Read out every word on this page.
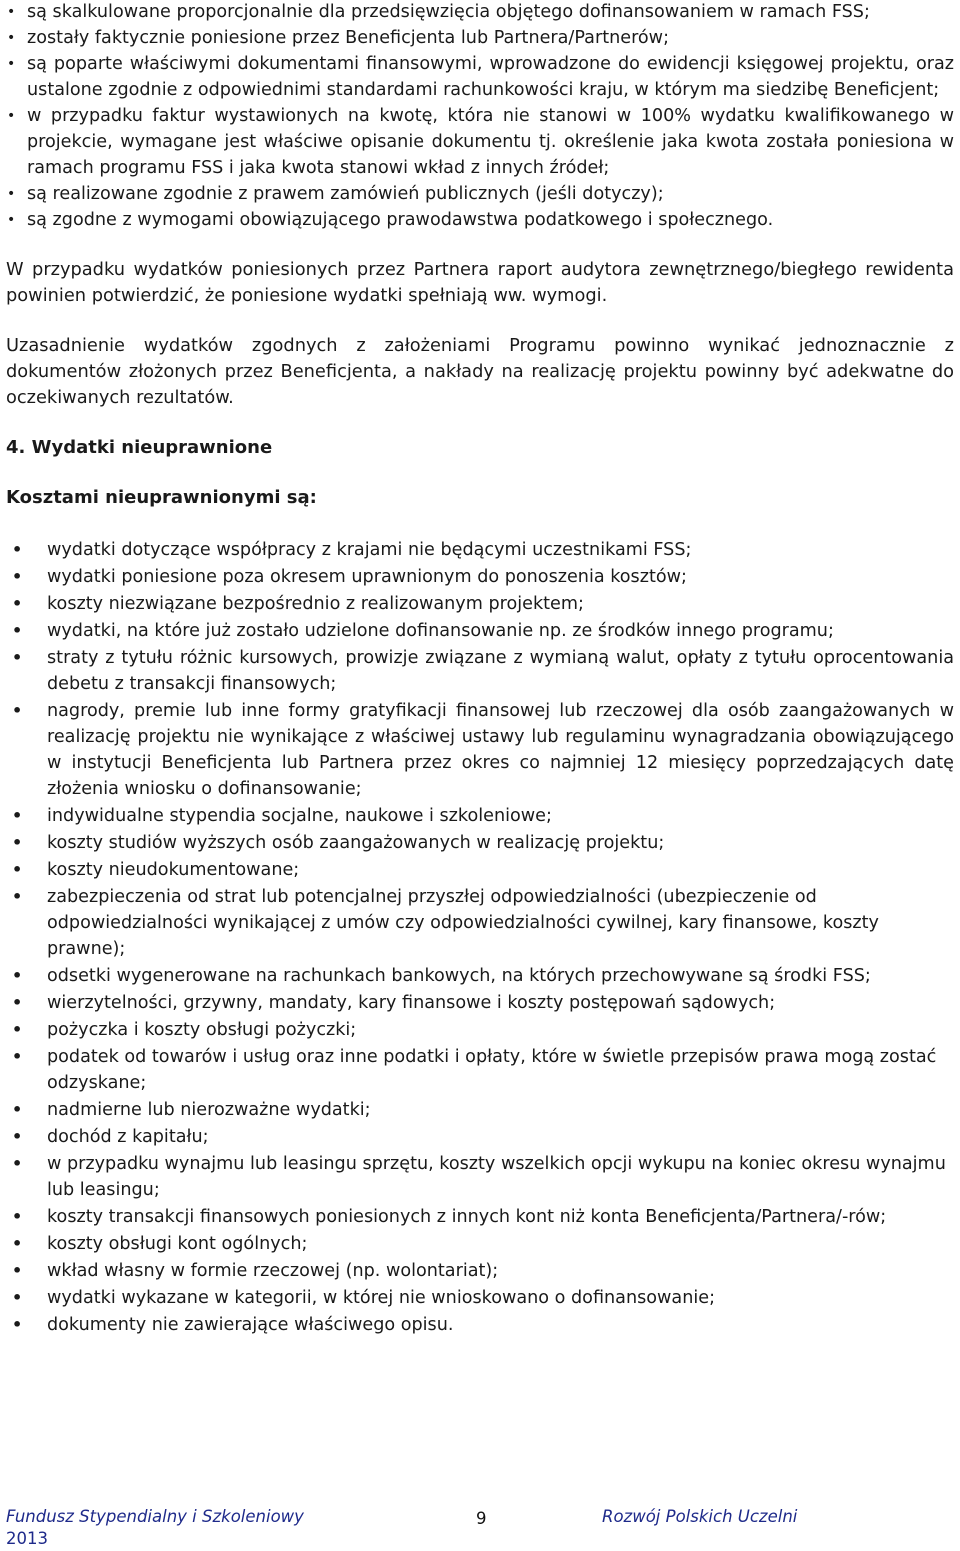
• są skalkulowane proporcjonalnie dla przedsięwzięcia objętego dofinansowaniem w ramach FSS;
• zostały faktycznie poniesione przez Beneficjenta lub Partnera/Partnerów;
• są poparte właściwymi dokumentami finansowymi, wprowadzone do ewidencji księgowej projektu, oraz ustalone zgodnie z odpowiednimi standardami rachunkowości kraju, w którym ma siedzibę Beneficjent;
• w przypadku faktur wystawionych na kwotę, która nie stanowi w 100% wydatku kwalifikowanego w projekcie, wymagane jest właściwe opisanie dokumentu tj. określenie jaka kwota została poniesiona w ramach programu FSS i jaka kwota stanowi wkład z innych źródeł;
• są realizowane zgodnie z prawem zamówień publicznych (jeśli dotyczy);
• są zgodne z wymogami obowiązującego prawodawstwa podatkowego i społecznego.

W przypadku wydatków poniesionych przez Partnera raport audytora zewnętrznego/biegłego rewidenta powinien potwierdzić, że poniesione wydatki spełniają ww. wymogi.

Uzasadnienie wydatków zgodnych z założeniami Programu powinno wynikać jednoznacznie z dokumentów złożonych przez Beneficjenta, a nakłady na realizację projektu powinny być adekwatne do oczekiwanych rezultatów.

4. Wydatki nieuprawnione

Kosztami nieuprawnionymi są:

• wydatki dotyczące współpracy z krajami nie będącymi uczestnikami FSS;
• wydatki poniesione poza okresem uprawnionym do ponoszenia kosztów;
• koszty niezwiązane bezpośrednio z realizowanym projektem;
• wydatki, na które już zostało udzielone dofinansowanie np. ze środków innego programu;
• straty z tytułu różnic kursowych, prowizje związane z wymianą walut, opłaty z tytułu oprocentowania debetu z transakcji finansowych;
• nagrody, premie lub inne formy gratyfikacji finansowej lub rzeczowej dla osób zaangażowanych w realizację projektu nie wynikające z właściwej ustawy lub regulaminu wynagradzania obowiązującego w instytucji Beneficjenta lub Partnera przez okres co najmniej 12 miesięcy poprzedzających datę złożenia wniosku o dofinansowanie;
• indywidualne stypendia socjalne, naukowe i szkoleniowe;
• koszty studiów wyższych osób zaangażowanych w realizację projektu;
• koszty nieudokumentowane;
• zabezpieczenia od strat lub potencjalnej przyszłej odpowiedzialności (ubezpieczenie od odpowiedzialności wynikającej z umów czy odpowiedzialności cywilnej, kary finansowe, koszty prawne);
• odsetki wygenerowane na rachunkach bankowych, na których przechowywane są środki FSS;
• wierzytelności, grzywny, mandaty, kary finansowe i koszty postępowań sądowych;
• pożyczka i koszty obsługi pożyczki;
• podatek od towarów i usług oraz inne podatki i opłaty, które w świetle przepisów prawa mogą zostać odzyskane;
• nadmierne lub nierozważne wydatki;
• dochód z kapitału;
• w przypadku wynajmu lub leasingu sprzętu, koszty wszelkich opcji wykupu na koniec okresu wynajmu lub leasingu;
• koszty transakcji finansowych poniesionych z innych kont niż konta Beneficjenta/Partnera/-rów;
• koszty obsługi kont ogólnych;
• wkład własny w formie rzeczowej (np. wolontariat);
• wydatki wykazane w kategorii, w której nie wnioskowano o dofinansowanie;
• dokumenty nie zawierające właściwego opisu.
Fundusz Stypendialny i Szkoleniowy
2013
9	Rozwój Polskich Uczelni
